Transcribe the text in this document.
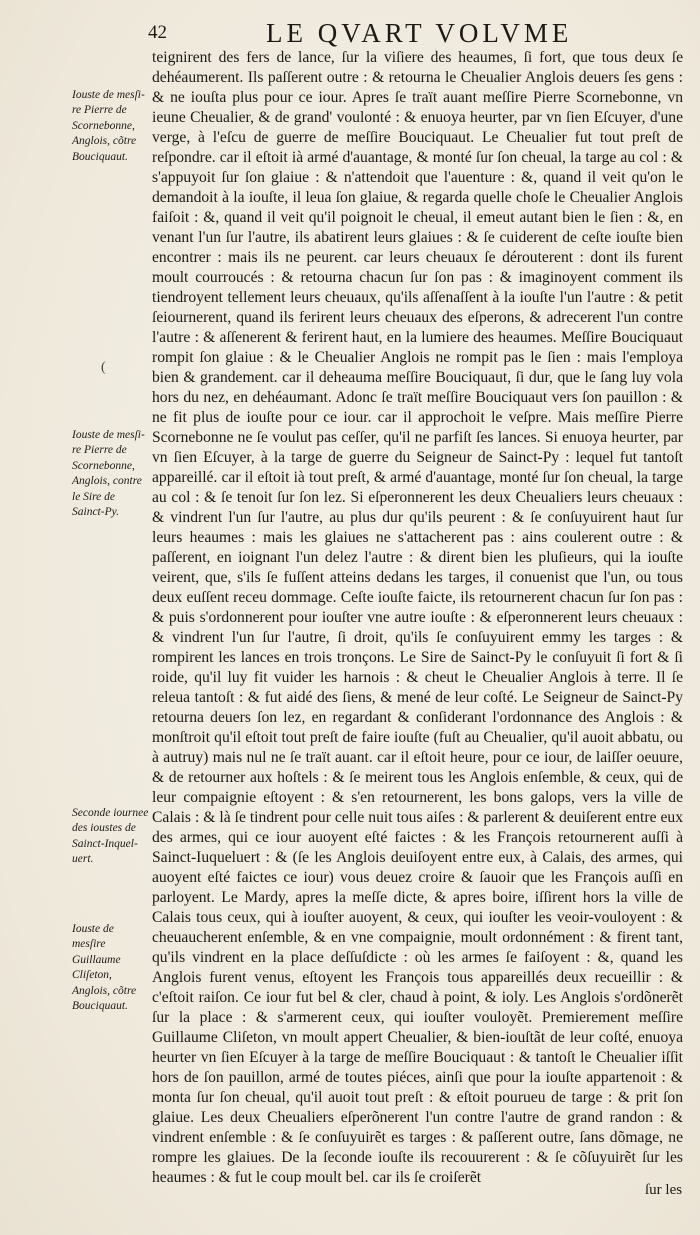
42	LE QVART VOLVME
Iouste de mesſi-re Pierre de Scornebonne, Anglois, cõtre Bouciquaut.
Iouste de mesſi-re Pierre de Scornebonne, Anglois, contre le Sire de Sainct-Py.
Seconde iournee des ioustes de Sainct-Inquel-uert.
Iouste de mesſire Guillaume Cliſeton, Anglois, cõtre Bouciquaut.
(

teignirent des fers de lance, ſur la viſiere des heaumes, ſi fort, que tous deux ſe dehéaumerent. Ils paſſerent outre : & retourna le Cheualier Anglois deuers ſes gens : & ne iouſta plus pour ce iour. Apres ſe traït auant meſſire Pierre Scornebonne, vn ieune Cheualier, & de grand' voulonté : & enuoya heurter, par vn ſien Eſcuyer, d'une verge, à l'eſcu de guerre de meſſire Bouciquaut. Le Cheualier fut tout preſt de reſpondre. car il eſtoit ià armé d'auantage, & monté ſur ſon cheual, la targe au col : & s'appuyoit ſur ſon glaiue : & n'attendoit que l'auenture : &, quand il veit qu'on le demandoit à la iouſte, il leua ſon glaiue, & regarda quelle choſe le Cheualier Anglois faiſoit : &, quand il veit qu'il poignoit le cheual, il emeut autant bien le ſien : &, en venant l'un ſur l'autre, ils abatirent leurs glaiues : & ſe cuiderent de ceſte iouſte bien encontrer : mais ils ne peurent. car leurs cheuaux ſe dérouterent : dont ils furent moult courroucés : & retourna chacun ſur ſon pas : & imaginoyent comment ils tiendroyent tellement leurs cheuaux, qu'ils aſſenaſſent à la iouſte l'un l'autre : & petit ſeiournerent, quand ils ferirent leurs cheuaux des eſperons, & adrecerent l'un contre l'autre : & aſſenerent & ferirent haut, en la lumiere des heaumes. Meſſire Bouciquaut rompit ſon glaiue : & le Cheualier Anglois ne rompit pas le ſien : mais l'employa bien & grandement. car il deheauma meſſire Bouciquaut, ſi dur, que le ſang luy vola hors du nez, en dehéaumant. Adonc ſe traït meſſire Bouciquaut vers ſon pauillon : & ne fit plus de iouſte pour ce iour. car il approchoit le veſpre. Mais meſſire Pierre Scornebonne ne ſe voulut pas ceſſer, qu'il ne parfiſt ſes lances. Si enuoya heurter, par vn ſien Eſcuyer, à la targe de guerre du Seigneur de Sainct-Py : lequel fut tantoſt appareillé. car il eſtoit ià tout preſt, & armé d'auantage, monté ſur ſon cheual, la targe au col : & ſe tenoit ſur ſon lez. Si eſperonnerent les deux Cheualiers leurs cheuaux : & vindrent l'un ſur l'autre, au plus dur qu'ils peurent : & ſe conſuyuirent haut ſur leurs heaumes : mais les glaiues ne s'attacherent pas : ains coulerent outre : & paſſerent, en ioignant l'un delez l'autre : & dirent bien les pluſieurs, qui la iouſte veirent, que, s'ils ſe fuſſent atteins dedans les targes, il conuenist que l'un, ou tous deux euſſent receu dommage. Ceſte iouſte faicte, ils retournerent chacun ſur ſon pas : & puis s'ordonnerent pour iouſter vne autre iouſte : & eſperonnerent leurs cheuaux : & vindrent l'un ſur l'autre, ſi droit, qu'ils ſe conſuyuirent emmy les targes : & rompirent les lances en trois tronçons. Le Sire de Sainct-Py le conſuyuit ſi fort & ſi roide, qu'il luy fit vuider les harnois : & cheut le Cheualier Anglois à terre. Il ſe releua tantoſt : & fut aidé des ſiens, & mené de leur coſté. Le Seigneur de Sainct-Py retourna deuers ſon lez, en regardant & conſiderant l'ordonnance des Anglois : & monſtroit qu'il eſtoit tout preſt de faire iouſte (fuſt au Cheualier, qu'il auoit abbatu, ou à autruy) mais nul ne ſe traït auant. car il eſtoit heure, pour ce iour, de laiſſer oeuure, & de retourner aux hoſtels : & ſe meirent tous les Anglois enſemble, & ceux, qui de leur compaignie eſtoyent : & s'en retournerent, les bons galops, vers la ville de Calais : & là ſe tindrent pour celle nuit tous aiſes : & parlerent & deuiſerent entre eux des armes, qui ce iour auoyent eſté faictes : & les François retournerent auſſi à Sainct-Iuqueluert : & (ſe les Anglois deuiſoyent entre eux, à Calais, des armes, qui auoyent eſté faictes ce iour) vous deuez croire & ſauoir que les François auſſi en parloyent. Le Mardy, apres la meſſe dicte, & apres boire, iſſirent hors la ville de Calais tous ceux, qui à iouſter auoyent, & ceux, qui iouſter les veoir-vouloyent : & cheuaucherent enſemble, & en vne compaignie, moult ordonnément : & firent tant, qu'ils vindrent en la place deſſuſdicte : où les armes ſe faiſoyent : &, quand les Anglois furent venus, eſtoyent les François tous appareillés deux recueillir : & c'eſtoit raiſon. Ce iour fut bel & cler, chaud à point, & ioly. Les Anglois s'ordõnerẽt ſur la place : & s'armerent ceux, qui iouſter vouloyẽt. Premierement meſſire Guillaume Cliſeton, vn moult appert Cheualier, & bien-iouſtãt de leur coſté, enuoya heurter vn ſien Eſcuyer à la targe de meſſire Bouciquaut : & tantoſt le Cheualier iſſit hors de ſon pauillon, armé de toutes piéces, ainſi que pour la iouſte appartenoit : & monta ſur ſon cheual, qu'il auoit tout preſt : & eſtoit pourueu de targe : & prit ſon glaiue. Les deux Cheualiers eſperõnerent l'un contre l'autre de grand randon : & vindrent enſemble : & ſe conſuyuirẽt es targes : & paſſerent outre, ſans dõmage, ne rompre les glaiues. De la ſeconde iouſte ils recouurerent : & ſe cõſuyuirẽt ſur les heaumes : & fut le coup moult bel. car ils ſe croiſerẽt

ſur les
